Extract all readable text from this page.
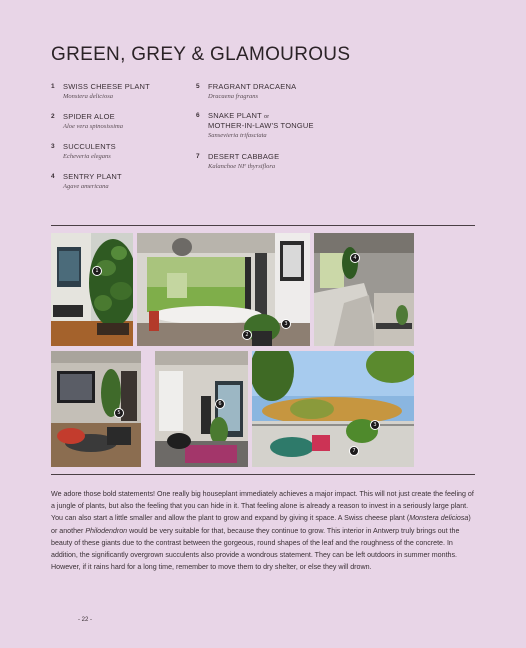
GREEN, GREY & GLAMOUROUS
1 SWISS CHEESE PLANT
Monstera deliciosa
2 SPIDER ALOE
Aloe vera spinosissima
3 SUCCULENTS
Echeveria elegans
4 SENTRY PLANT
Agave americana
5 FRAGRANT DRACAENA
Dracaena fragrans
6 SNAKE PLANT or
MOTHER-IN-LAW'S TONGUE
Sansevieria trifasciata
7 DESERT CABBAGE
Kalanchoe NF thyrsiflora
1
2
3
4
5
6
3
7
We adore those bold statements! One really big houseplant immediately achieves a major impact. This will not just create the feeling of a jungle of plants, but also the feeling that you can hide in it. That feeling alone is already a reason to invest in a seriously large plant. You can also start a little smaller and allow the plant to grow and expand by giving it space. A Swiss cheese plant (Monstera deliciosa) or another Philodendron would be very suitable for that, because they continue to grow. This interior in Antwerp truly brings out the beauty of these giants due to the contrast between the gorgeous, round shapes of the leaf and the roughness of the concrete. In addition, the significantly overgrown succulents also provide a wondrous statement. They can be left outdoors in summer months. However, if it rains hard for a long time, remember to move them to dry shelter, or else they will drown.
- 22 -
